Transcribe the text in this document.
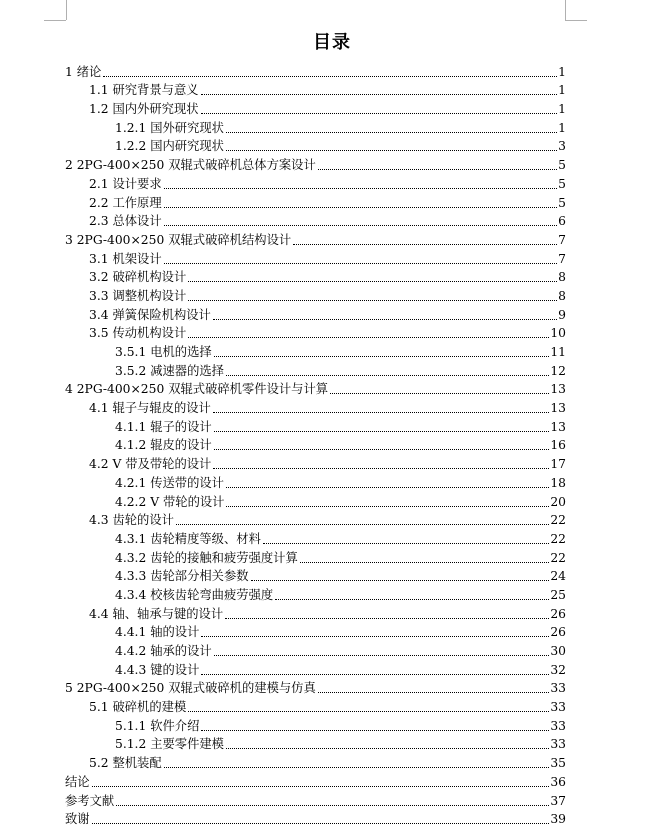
目录
1 绪论	1
1.1 研究背景与意义	1
1.2 国内外研究现状	1
1.2.1 国外研究现状	1
1.2.2 国内研究现状	3
2 2PG-400×250 双辊式破碎机总体方案设计	5
2.1 设计要求	5
2.2 工作原理	5
2.3 总体设计	6
3 2PG-400×250 双辊式破碎机结构设计	7
3.1 机架设计	7
3.2 破碎机构设计	8
3.3 调整机构设计	8
3.4 弹簧保险机构设计	9
3.5 传动机构设计	10
3.5.1 电机的选择	11
3.5.2 减速器的选择	12
4 2PG-400×250 双辊式破碎机零件设计与计算	13
4.1 辊子与辊皮的设计	13
4.1.1 辊子的设计	13
4.1.2 辊皮的设计	16
4.2 V 带及带轮的设计	17
4.2.1 传送带的设计	18
4.2.2 V 带轮的设计	20
4.3 齿轮的设计	22
4.3.1 齿轮精度等级、材料	22
4.3.2 齿轮的接触和疲劳强度计算	22
4.3.3 齿轮部分相关参数	24
4.3.4 校核齿轮弯曲疲劳强度	25
4.4 轴、轴承与键的设计	26
4.4.1 轴的设计	26
4.4.2 轴承的设计	30
4.4.3 键的设计	32
5 2PG-400×250 双辊式破碎机的建模与仿真	33
5.1 破碎机的建模	33
5.1.1 软件介绍	33
5.1.2 主要零件建模	33
5.2 整机装配	35
结论	36
参考文献	37
致谢	39
